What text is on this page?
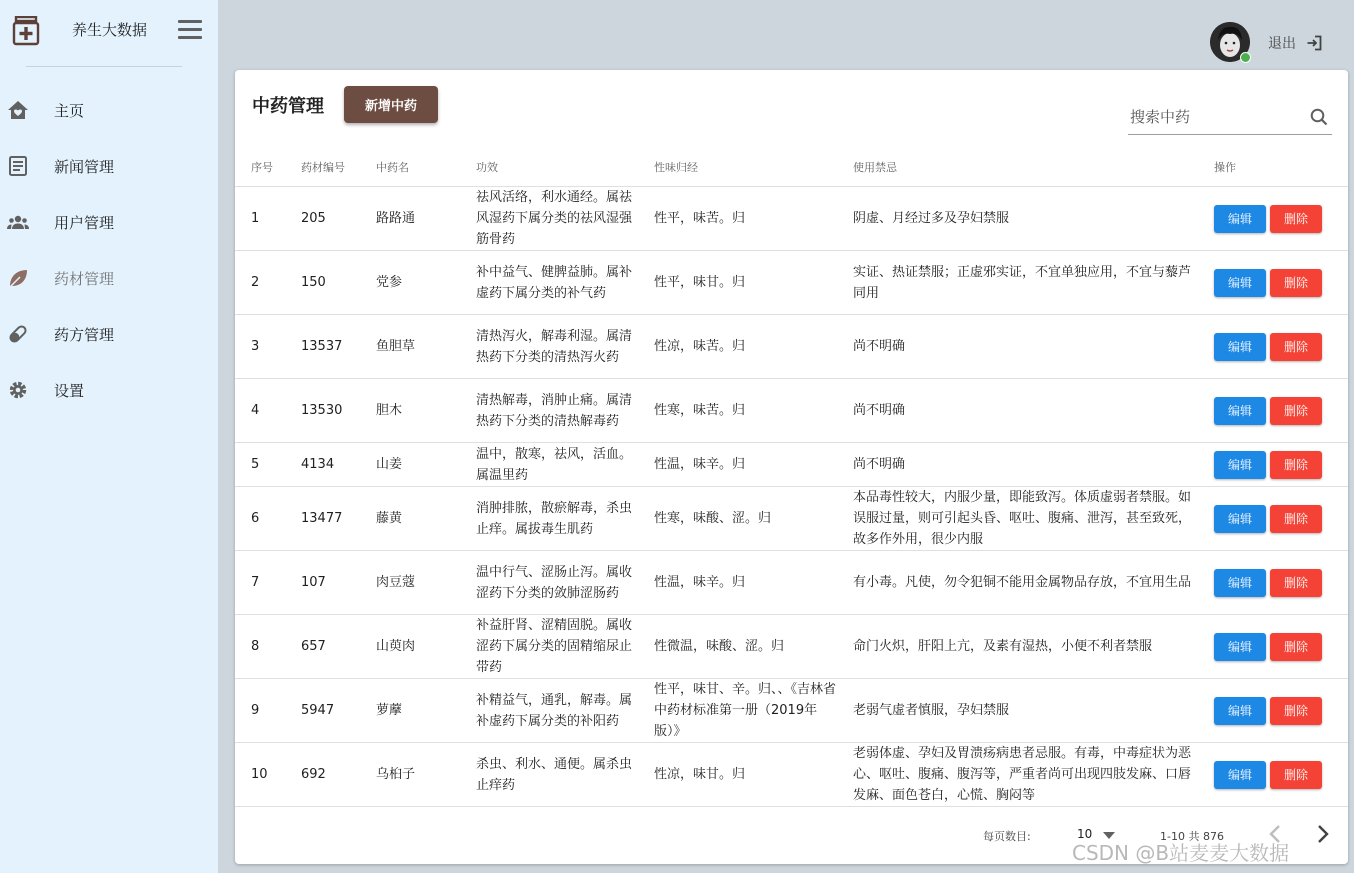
养生大数据
主页
新闻管理
用户管理
药材管理
药方管理
设置
退出
中药管理	新增中药
搜索中药
序号	药材编号	中药名	功效	性味归经	使用禁忌	操作
1	205	路路通	祛风活络，利水通经。属祛风湿药下属分类的祛风湿强筋骨药	性平，味苦。归	阴虚、月经过多及孕妇禁服	编辑 删除
2	150	党参	补中益气、健脾益肺。属补虚药下属分类的补气药	性平，味甘。归	实证、热证禁服；正虚邪实证，不宜单独应用，不宜与藜芦同用	编辑 删除
3	13537	鱼胆草	清热泻火，解毒利湿。属清热药下分类的清热泻火药	性凉，味苦。归	尚不明确	编辑 删除
4	13530	胆木	清热解毒，消肿止痛。属清热药下分类的清热解毒药	性寒，味苦。归	尚不明确	编辑 删除
5	4134	山姜	温中，散寒，祛风，活血。属温里药	性温，味辛。归	尚不明确	编辑 删除
6	13477	藤黄	消肿排脓，散瘀解毒，杀虫止痒。属拔毒生肌药	性寒，味酸、涩。归	本品毒性较大，内服少量，即能致泻。体质虚弱者禁服。如误服过量，则可引起头昏、呕吐、腹痛、泄泻，甚至致死，故多作外用，很少内服	编辑 删除
7	107	肉豆蔻	温中行气、涩肠止泻。属收涩药下分类的敛肺涩肠药	性温，味辛。归	有小毒。凡使，勿令犯铜不能用金属物品存放，不宜用生品	编辑 删除
8	657	山萸肉	补益肝肾、涩精固脱。属收涩药下属分类的固精缩尿止带药	性微温，味酸、涩。归	命门火炽，肝阳上亢，及素有湿热，小便不利者禁服	编辑 删除
9	5947	萝藦	补精益气，通乳，解毒。属补虚药下属分类的补阳药	性平，味甘、辛。归、、《吉林省中药材标准第一册（2019年版）》	老弱气虚者慎服，孕妇禁服	编辑 删除
10	692	乌桕子	杀虫、利水、通便。属杀虫止痒药	性凉，味甘。归	老弱体虚、孕妇及胃溃疡病患者忌服。有毒，中毒症状为恶心、呕吐、腹痛、腹泻等，严重者尚可出现四肢发麻、口唇发麻、面色苍白，心慌、胸闷等	编辑 删除
每页数目:	10	1-10 共 876
CSDN @B站麦麦大数据
